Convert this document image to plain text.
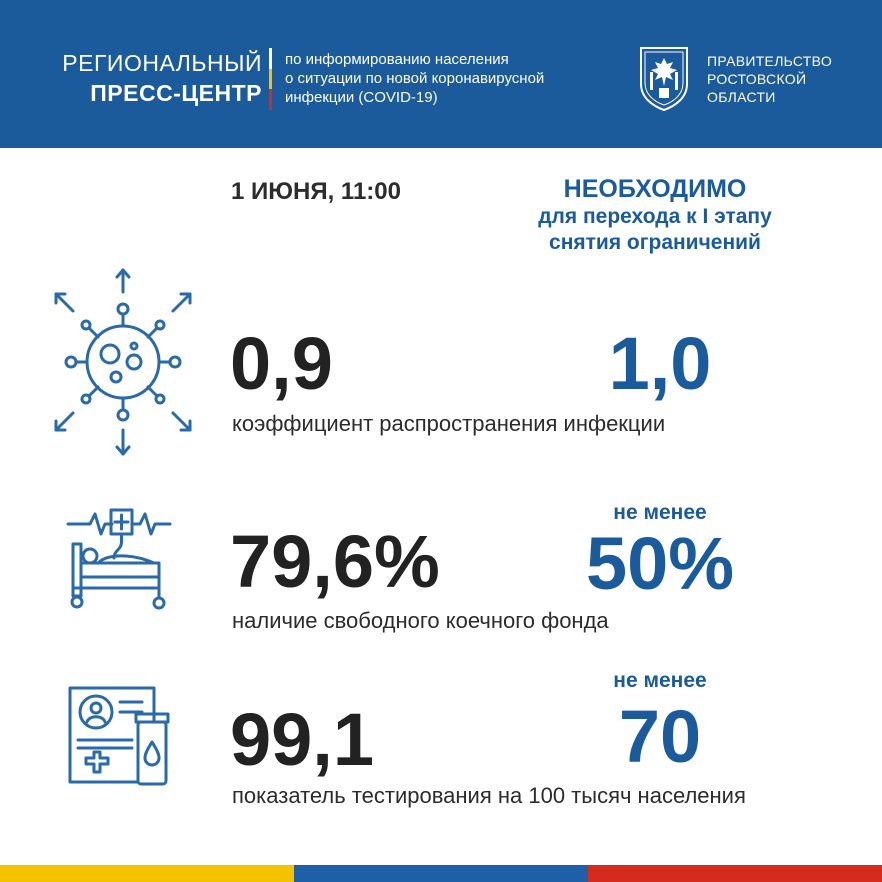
РЕГИОНАЛЬНЫЙ
ПРЕСС-ЦЕНТР
по информированию населения
о ситуации по новой коронавирусной
инфекции (COVID-19)
ПРАВИТЕЛЬСТВО
РОСТОВСКОЙ
ОБЛАСТИ
1 ИЮНЯ, 11:00	НЕОБХОДИМО
для перехода к I этапу
снятия ограничений
0,9	1,0
коэффициент распространения инфекции
79,6%
не менее
50%
наличие свободного коечного фонда
99,1
не менее
70
показатель тестирования на 100 тысяч населения
